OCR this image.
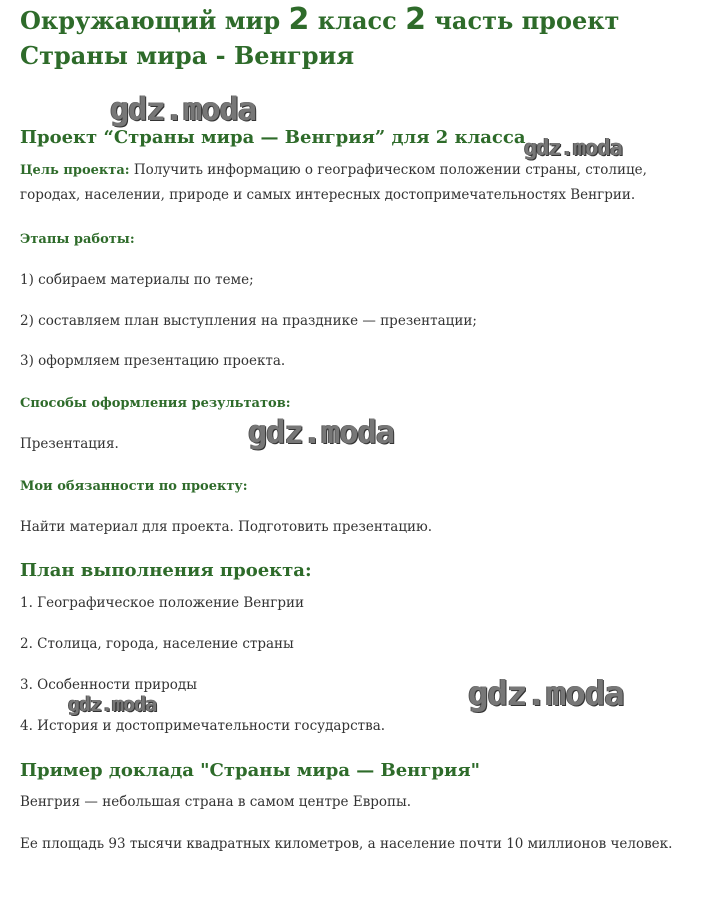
Окружающий мир 2 класс 2 часть проект Страны мира - Венгрия
Проект “Страны мира — Венгрия” для 2 класса

Цель проекта: Получить информацию о географическом положении страны, столице, городах, населении, природе и самых интересных достопримечательностях Венгрии.

Этапы работы:

1) собираем материалы по теме;

2) составляем план выступления на празднике — презентации;

3) оформляем презентацию проекта.

Способы оформления результатов:

Презентация.

Мои обязанности по проекту:

Найти материал для проекта. Подготовить презентацию.

План выполнения проекта:

1. Географическое положение Венгрии

2. Столица, города, население страны

3. Особенности природы

4. История и достопримечательности государства.

Пример доклада "Страны мира — Венгрия"

Венгрия — небольшая страна в самом центре Европы.

Ее площадь 93 тысячи квадратных километров, а население почти 10 миллионов человек.

gdz.moda
gdz.moda
gdz.moda
gdz.moda
gdz.moda
